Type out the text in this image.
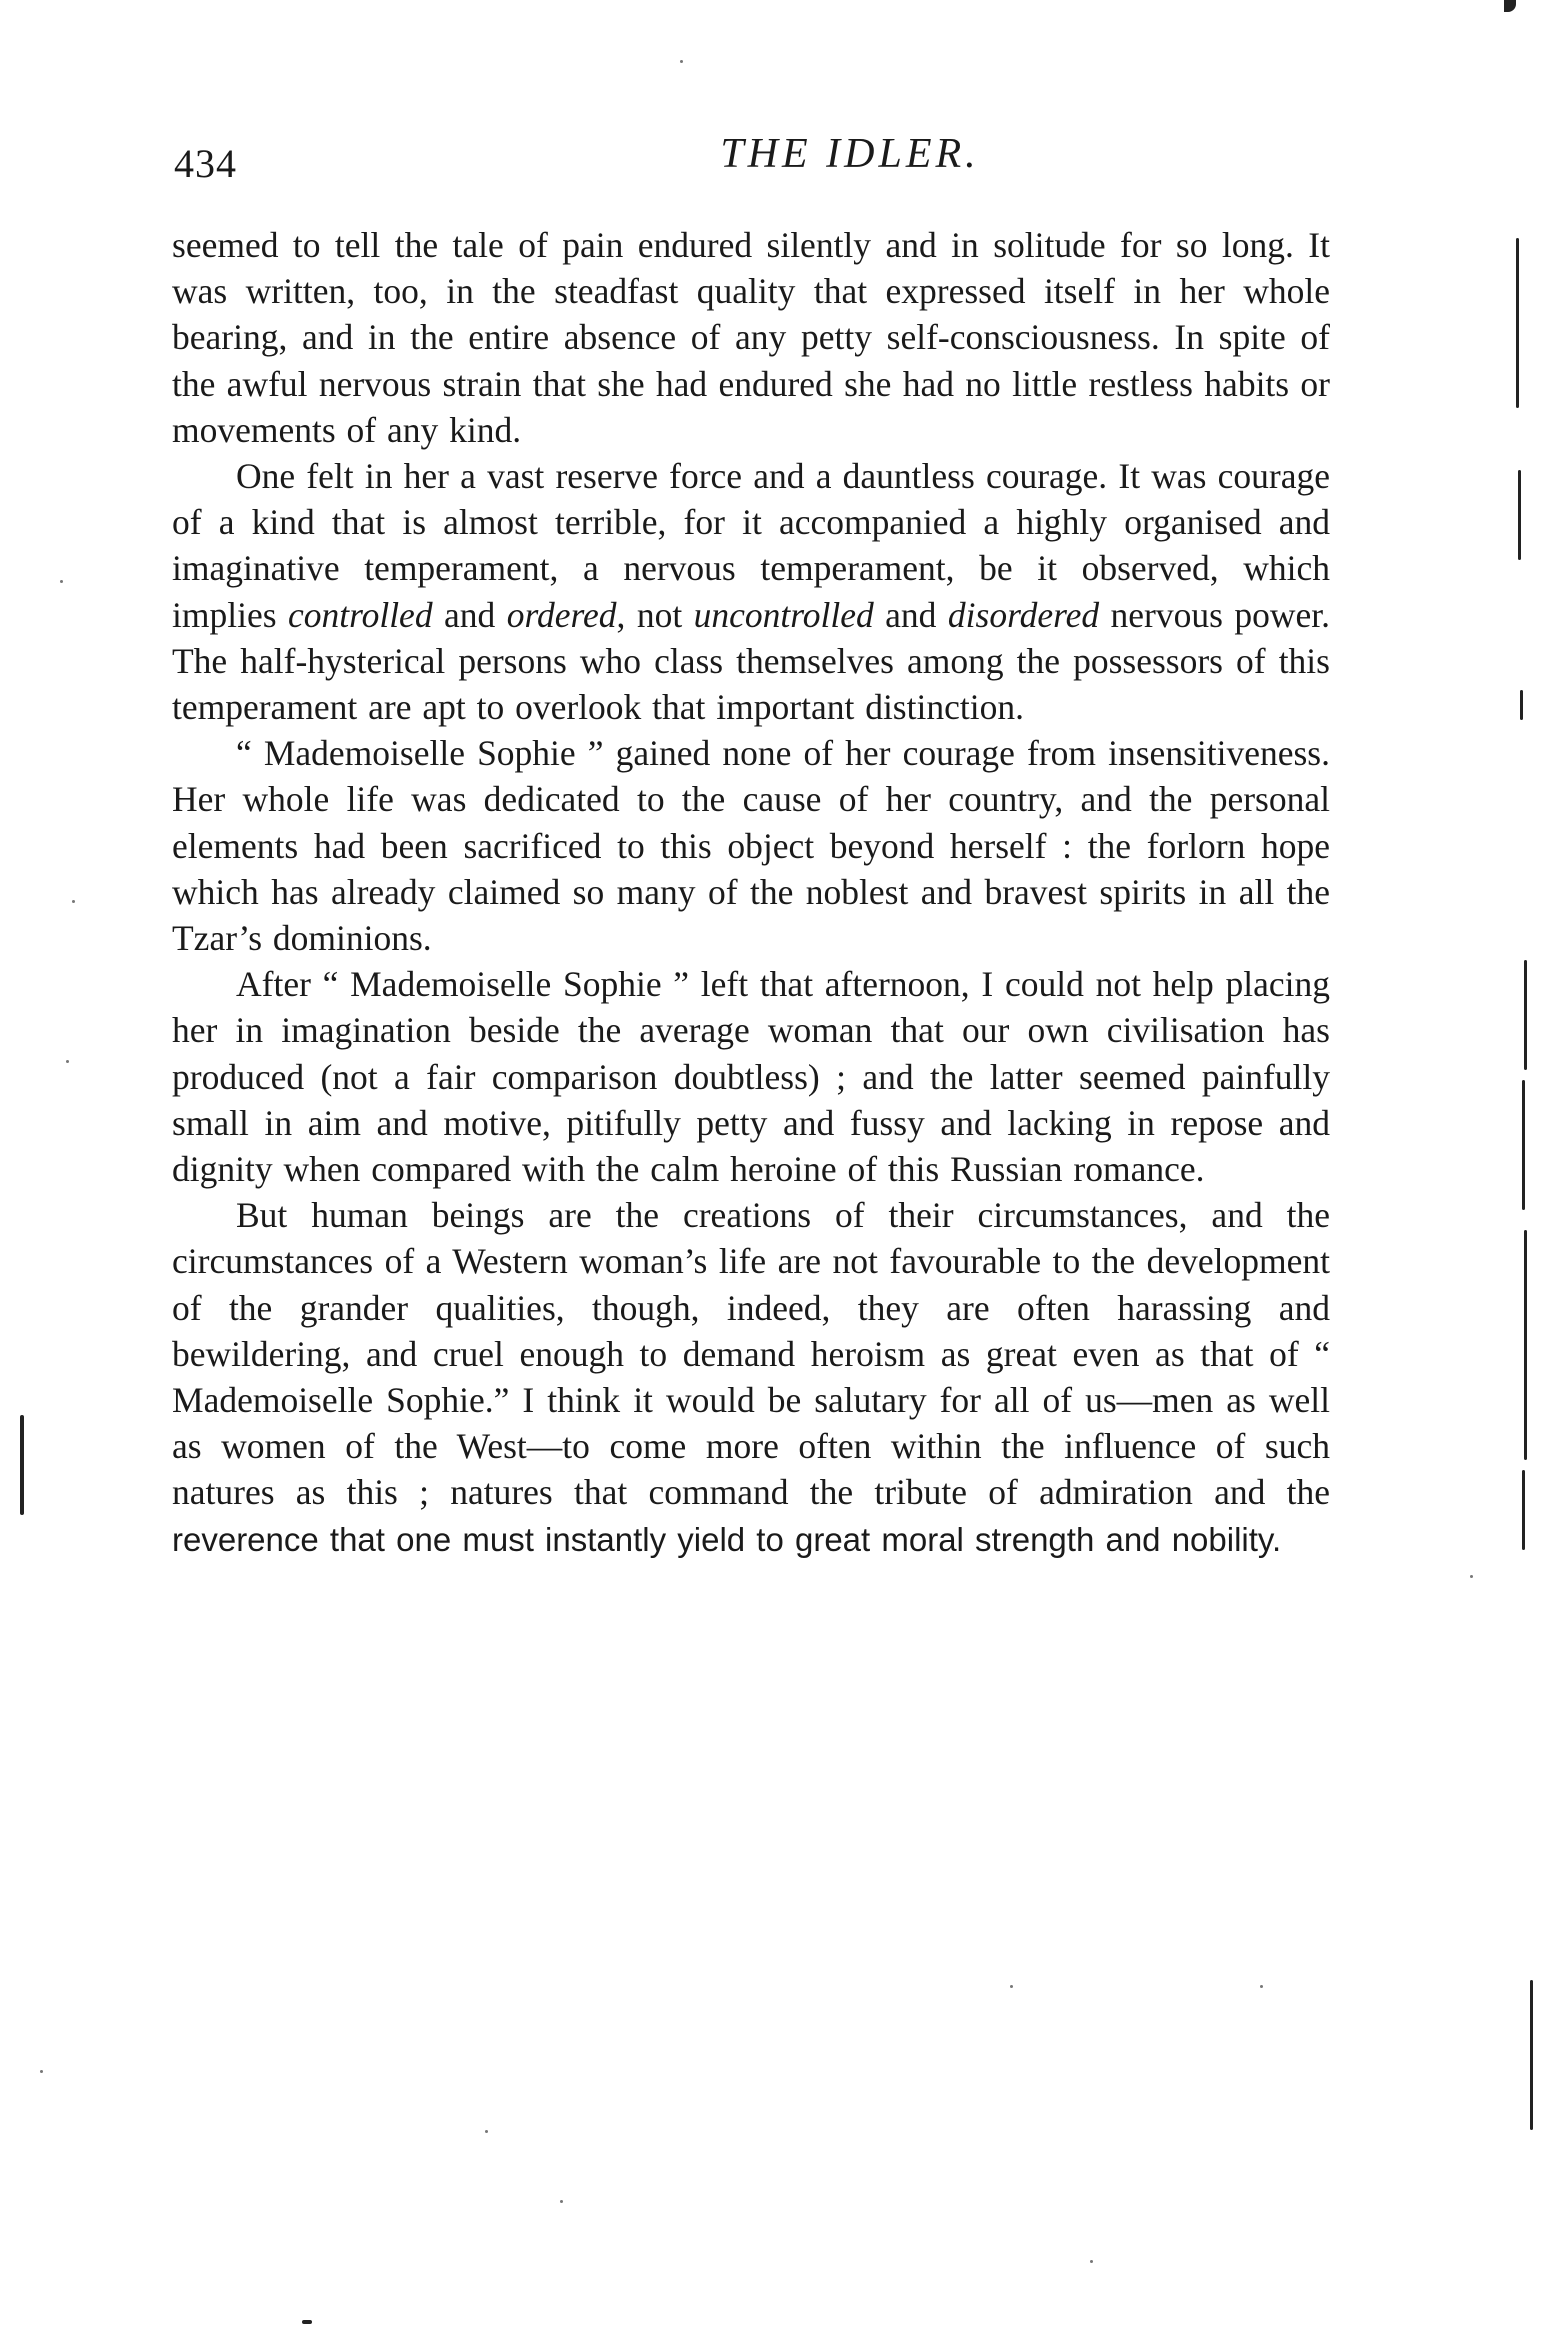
434	THE IDLER.

seemed to tell the tale of pain endured silently and in solitude for so long. It was written, too, in the steadfast quality that expressed itself in her whole bearing, and in the entire absence of any petty self-consciousness. In spite of the awful nervous strain that she had endured she had no little restless habits or movements of any kind.

One felt in her a vast reserve force and a dauntless courage. It was courage of a kind that is almost terrible, for it accompanied a highly organised and imaginative temperament, a nervous temperament, be it observed, which implies controlled and ordered, not uncontrolled and disordered nervous power. The half-hysterical persons who class themselves among the possessors of this temperament are apt to overlook that important distinction.

“ Mademoiselle Sophie ” gained none of her courage from insensitiveness. Her whole life was dedicated to the cause of her country, and the personal elements had been sacrificed to this object beyond herself : the forlorn hope which has already claimed so many of the noblest and bravest spirits in all the Tzar’s dominions.

After “ Mademoiselle Sophie ” left that afternoon, I could not help placing her in imagination beside the average woman that our own civilisation has produced (not a fair comparison doubtless) ; and the latter seemed painfully small in aim and motive, pitifully petty and fussy and lacking in repose and dignity when compared with the calm heroine of this Russian romance.

But human beings are the creations of their circumstances, and the circumstances of a Western woman’s life are not favourable to the development of the grander qualities, though, indeed, they are often harassing and bewildering, and cruel enough to demand heroism as great even as that of “ Mademoiselle Sophie.” I think it would be salutary for all of us—men as well as women of the West—to come more often within the influence of such natures as this ; natures that command the tribute of admiration and the reverence that one must instantly yield to great moral strength and nobility.
